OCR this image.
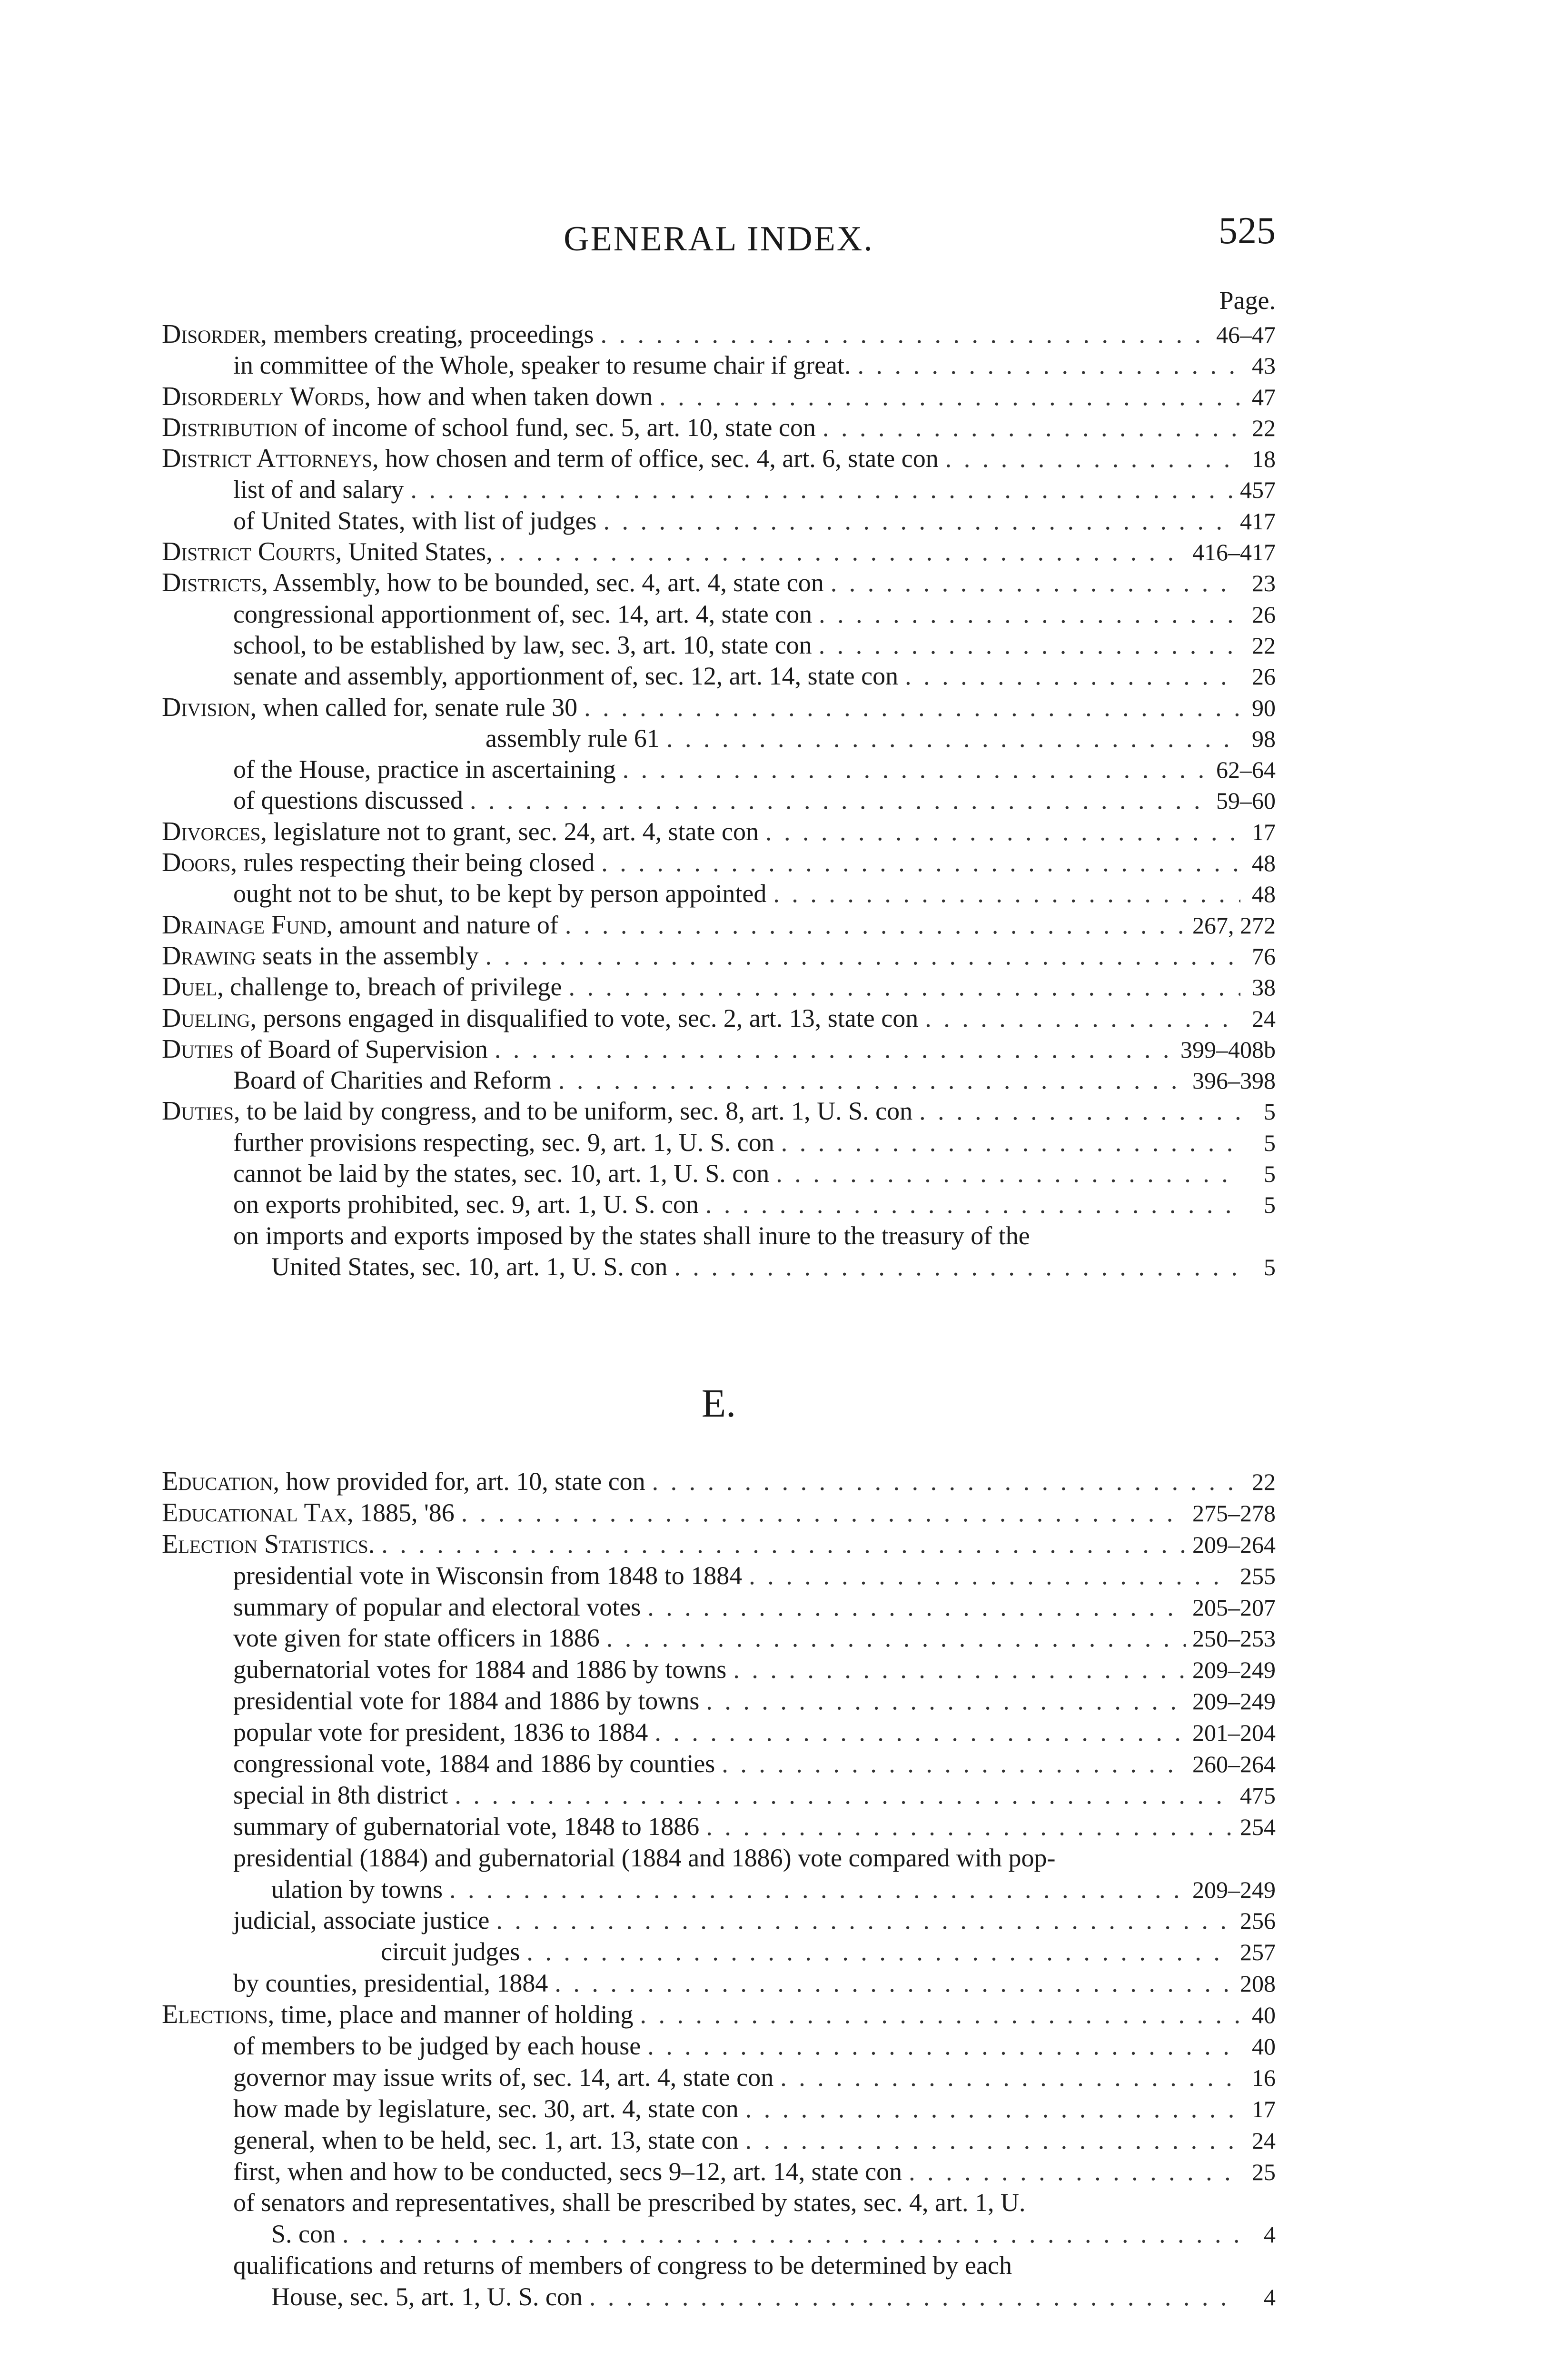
GENERAL INDEX.	525
Page.
Disorder, members creating, proceedings . . .	46–47
in committee of the Whole, speaker to resume chair if great. . . .	43
Disorderly Words, how and when taken down . . .	47
Distribution of income of school fund, sec. 5, art. 10, state con . . .	22
District Attorneys, how chosen and term of office, sec. 4, art. 6, state con . . .	18
list of and salary . . .	457
of United States, with list of judges . . .	417
District Courts, United States, . . .	416–417
Districts, Assembly, how to be bounded, sec. 4, art. 4, state con . . .	23
congressional apportionment of, sec. 14, art. 4, state con . . .	26
school, to be established by law, sec. 3, art. 10, state con . . .	22
senate and assembly, apportionment of, sec. 12, art. 14, state con . . .	26
Division, when called for, senate rule 30 . . .	90
assembly rule 61 . . .	98
of the House, practice in ascertaining . . .	62–64
of questions discussed . . .	59–60
Divorces, legislature not to grant, sec. 24, art. 4, state con . . .	17
Doors, rules respecting their being closed . . .	48
ought not to be shut, to be kept by person appointed . . .	48
Drainage Fund, amount and nature of . . .	267, 272
Drawing seats in the assembly . . .	76
Duel, challenge to, breach of privilege . . .	38
Dueling, persons engaged in disqualified to vote, sec. 2, art. 13, state con . . .	24
Duties of Board of Supervision . . .	399–408b
Board of Charities and Reform . . .	396–398
Duties, to be laid by congress, and to be uniform, sec. 8, art. 1, U. S. con . . .	5
further provisions respecting, sec. 9, art. 1, U. S. con . . .	5
cannot be laid by the states, sec. 10, art. 1, U. S. con . . .	5
on exports prohibited, sec. 9, art. 1, U. S. con . . .	5
on imports and exports imposed by the states shall inure to the treasury of the
United States, sec. 10, art. 1, U. S. con . . .	5
E.
Education, how provided for, art. 10, state con . . .	22
Educational Tax, 1885, '86 . . .	275–278
Election Statistics. . . .	209–264
presidential vote in Wisconsin from 1848 to 1884 . . .	255
summary of popular and electoral votes . . .	205–207
vote given for state officers in 1886 . . .	250–253
gubernatorial votes for 1884 and 1886 by towns . . .	209–249
presidential vote for 1884 and 1886 by towns . . .	209–249
popular vote for president, 1836 to 1884 . . .	201–204
congressional vote, 1884 and 1886 by counties . . .	260–264
special in 8th district . . .	475
summary of gubernatorial vote, 1848 to 1886 . . .	254
presidential (1884) and gubernatorial (1884 and 1886) vote compared with pop-
ulation by towns . . .	209–249
judicial, associate justice . . .	256
circuit judges . . .	257
by counties, presidential, 1884 . . .	208
Elections, time, place and manner of holding . . .	40
of members to be judged by each house . . .	40
governor may issue writs of, sec. 14, art. 4, state con . . .	16
how made by legislature, sec. 30, art. 4, state con . . .	17
general, when to be held, sec. 1, art. 13, state con . . .	24
first, when and how to be conducted, secs 9–12, art. 14, state con . . .	25
of senators and representatives, shall be prescribed by states, sec. 4, art. 1, U.
S. con . . .	4
qualifications and returns of members of congress to be determined by each
House, sec. 5, art. 1, U. S. con . . .	4
